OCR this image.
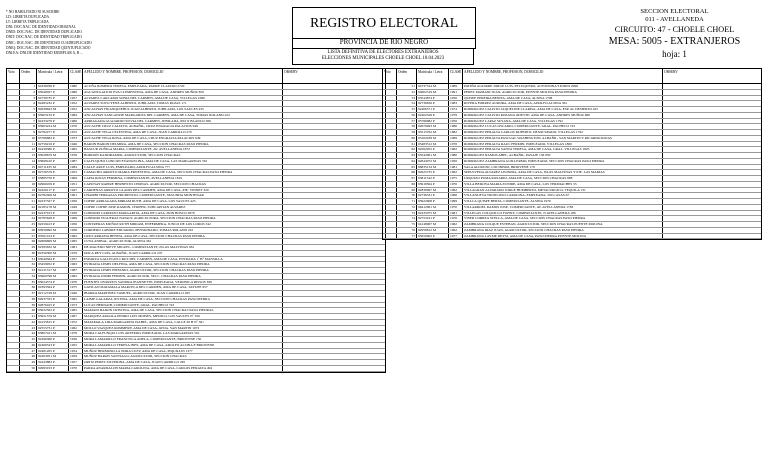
* NO HABILITADO NI SUSCRIBE
LD: LIBRETA DUPLICADA
LT: LIBRETA TRIPLICADA
DNI: DOC.NAC. DE IDENTIDAD ORIGINAL
DNID: DOC.NAC. DE IDENTIDAD DUPLICADO
DNIT: DOC.NAC. DE IDENTIDAD TRIPLICADO
DNIC: DOC.NAC. DE IDENTIDAD CUADRUPLICADO
DNIQ: DOC.NAC. DE IDENTIDAD QUINTUPLICADO
DNI.EA: DNI.DE IDENTIDAD EJEMPLAR A, B ...
REGISTRO ELECTORAL
PROVINCIA DE RIO NEGRO
LISTA DEFINITIVA DE ELECTORES EXTRANJEROS
ELECCIONES MUNICIPALES CHOELE CHOEL 18.04.2023
SECCION ELECTORAL
011 - AVELLANEDA
CIRCUITO: 47 - CHOELE CHOEL
MESA: 5005 - EXTRANJEROS
hoja: 1
Voto	Orden	Matricula / Letra	CLASE APELLIDO Y NOMBRE, PROFESION, DOMICILIO	OBSERV
1 94336036 P	1980	ACUÑA ROMERO TERESA, EMPLEADA, PADRE CLAUDIO 2720
2 95040027 P	1980	AGUANTA ALEJO EVA CLEMENTINA, AMA DE CASA, ANDRES MUÑOZ 850
3 92739735 P	1957	ALVAREZ CARCAMO SONIA DEL CARMEN, AMA DE CASA, VILLEGAS 1080
4 92485232 P	1952	ALVAREZ SOTO YENE ALBERTO, JUBILADO, TOMAS ROJAS 171
5 92638643 M	1952	ANCACHAY HUANQUIEHUL JUAN ALBERTO, JUBILADO, LOS SAUCES 435
6 93903133 P	1984	ANCACHAY SANCANZIE MARGARITA DEL CARMEN, AMA DE CASA, TOMAS ROLAND 222
7 92433279 P	1966	ARRIAGADA GUAJARDO SILVIA DEL CARMEN, JUBILADA, PIO X BLANCO 566
8 93903224 M	1976	AUCACHE CRUZ CALIXTO, ALBAÑIL, CRUZ ENGRACIA PALACIOS 949
9 92782277 P	1972	AUCACHE VEGA CELESTINA, AMA DE CASA, JUAN CARRILLO 270
10 95796683 P	1973	AUCACHE VEGA ROSA, AMA DE CASA, CRUZ ENGRACIA PALACIOS 949
11 92759216 P	1946	BARON BARON DELMIRA, AMA DE CASA, SECCION CHACRAS PASO PIEDRA
12 92439380 P	1965	BASCUR ZUÑIGA MARIA, COMERCIANTE, AV. AVELLANEDA 1872
13 93028679 M	1976	BORDON KANDRAMUR, AGRICULTOR, SECCION CHACRAS
14 93698410 P	1987	CALFUQUEO LONCON EVANGELINA, AMA DE CASA, LAS MARGARITAS 561
15 94711435 M	1984	CALLE ARCE LUIS, EMPLEADO, ADOLFO ALSINA 777
16 92720579 P	1955	CAMACHO ARROYO MARIA ERNESTINA, AMA DE CASA, SECCION CHACRAS PASO PIEDRA
17 95885750 P	1969	CAPIA ROJAS FERMINA, COMERCIANTE, AVELLANEDA 1819
18 92960459 P	1951	CAPUNAY RAPIRE HERNESTO CHONAS, AGRICULTOR, SECCION CHACRAS
19 92429117 P	1947	CARDENAS ARROYO GLADIS DEL CARMEN, AMA DE CASA, PJE. VINNET 329
20 92782406 M	1961	CHAMBI TERRAZAS PRUDENCIO, COMERCIANTE, SEGUNDA MONTENAR
21 92237327 P	1956	COFRE ARRIAGADA MIRIAM RUTH, AMA DE CASA, LOS SAUCES 425
22 92185178 M	1949	COFRE COFRE JOSE RAMON, CHOFER, SUBCAPITAN ALVAREZ
23 92237913 P	1958	CONDORI CARDOZO MARGARITA, AMA DE CASA, DON BOSCO 2876
24 92785628 P	1969	CONDORI VIGUERAS NATALY, AGRICULTORA, SECCION CHACRAS PASO PIEDRA
25 92259413 P	1956	CONTRERAS MUÑOZ RUTH MIRIAM, ENFERMERA, JUNCO DE LOS LOROS 342
26 93950992 M	1958	CORDERO LABORE EDUARDO, PENSIONADO, TOMAS ROLAND 222
27 93501014 P	1962	CRUZ ARRATIA BENITA, AMA DE CASA, SECCION CHACRAS PASO PIEDRA
28 92606699 M	1965	CUYA ANIBAL, AGRICULTOR, ALSINA 361
29 92395632 M	1981	DE MACEDO NIEVE MIGUEL, COMERCIANTE, ISLAS MALVINAS 981
30 92356300 M	1979	DOCA REY LUIS, ALBAÑIL, JUAN CARRILLO 270
31 93049564 P	1957	ESPARZA GALLEGOS CRUZ DEL CARMEN, AMA DE CASA, ENTRADA 1º B° MANSILLA
32 93459952 P	1963	ESTRADA LEMIS DELFINA, AMA DE CASA, SECCION CHACRAS PASO PIEDRA
33 94131317 M	1987	ESTRADA LEMIS EPIFANIO, AGRICULTOR, SECCION CHACRAS PASO PIEDRA
34 93900798 M	1962	ESTRADA UMIRI FERMIN, AGRICULTOR, SECC. CHACRAS PASO PIEDRA
35 93024574 P	1970	FUENTES OYARZUN SANDRA JEANNETTE, EMPLEADA, VERONICA RISSOS 398
36 92393594 P	1975	GAVILAN MATAMALA MARCELA DEL CARMEN, AMA DE CASA, TAYUPE 957
37 92112728 M	1940	IBARRA MARTINEZ SAMUEL, AGRICULTOR, JUAN CARRILLO 265
38 92937355 P	1965	LAIME GALARZA JUSTINA, AMA DE CASA, SECCION CHACRAS PASO PIEDRA
39 92876425 P	1973	LUCAS HERNAIB, COMERCIANTE, GRAL. PACHECO 743
40 93022562 P	1965	MAMANI BARON CRISTINA, AMA DE CASA, SECCION CHACRAS PASO PIEDRAS
41 93921579 M	1967	MARQUEZ ARGOLA PEDRO LUIS MOISES, MEDICO, LOS SAUCES Nº 356
42 94155815 P	1972	MATAMALA LIRA MARGARITA ISABEL, AMA DE CASA, CALLE 20 B Nº 561
43 92555731 P	1962	MOLLO VAZQUEZ ROMMERY, AMA DE CASA, AVDA. SAN MARTIN 1072
44 93807421 M	1978	MORA CALFUNQUI LUIS ARTEMIO, EMPLEADO, LAS MARGARITAS 561
45 92496360 P	1956	MORA LAMARILLO FRANCISCA ADELA, COMERCIANTE, BRIOVENE 150
46 92466523 P	1955	MORA LAMARILLO TERESA INES, AMA DE CASA, ADOLFO ALSINA E BRIOVENE
47 92481205 P	1954	MUÑOZ HERMOSILLA NORA LUZY, AMA DE CASA, PIQUILLIN 1377
48 92403051 M	1959	MUÑOZ BARON SANTIAGO, AGRICULTOR, SECCION CHACRAS
49 92443883 P	1957	ORTIZ PEREZ SILVERINA, AMA DE CASA, JUAN CARRILLO 265
50 92983193 P	1970	PARRA ANARDALON MARIA CAROLINA, AMA DE CASA, CARLOS PERALTA 494
Voto	Orden	Matricula / Letra	CLASE APELLIDO Y NOMBRE, PROFESION, DOMICILIO	OBSERV
51 94737524 M	1989	PATIÑO AGUIRRE JORGE LUIS, PELUQUERO, ALFONSINA STORNI 2098
52 94602519 M	1991	PEREZ MAMANI JUAN, AGRICULTOR, PUENTE MOLINA PASO PIEDRA
53 93544874 P	1956	QUISPE PEREIRA BENITA, AMA DE CASA, ALSINA 1708
54 92736656 P	1983	RIVERA FORREZ AURORA, AMA DE CASA, ADOLFO ALSINA 361
55 92406571 P	1974	RODRIGUEZ CALISTO JAQUELINE CLARISA, AMA DE CASA, ESP. AL DESIERTO 425
56 92402526 P	1979	RODRIGUEZ CALISTO ROSANA ODETTE, AMA DE CASA, ANDRES MUÑOZ 660
57 95796682 P	1956	RODRIGUEZ LAPAZ SUSANA, AMA DE CASA, VILLEGAS 1792
58 92678493 M	1986	RODRIGUEZ LUCAS OSCARIO, COMERCIANTE, GRAL. PACHECO 743
59 95515762 M	1982	RODRIGUEZ PERALTA CARLOS RUPERTO, DESOCUPADO, VILLEGAS 1792
60 93102439 M	1969	RODRIGUEZ PERALTA PASCUAL WASHINGTON, ALBAÑIL, SAN MARTIN Y RICARDO ROJAS
61 95483512 M	1976	RODRIGUEZ PERALTA RAUL FERMIN, EMPLEADO, VILLEGAS 1800
62 94562055 P	1962	RODRIGUEZ PERALTA SANTA TERESA, AMA DE CASA, GRAL. VILLEGAS 1825
63 93542961 M	1980	RODRIGUEZ RAMOS ABEL, ALBAÑIL, PASAJE 136 850
64 92643072 M	1956	RODRIGUEZ ZAMBRANA GUILLERMO, EMPLEADO, SECCION CHACRAS PASO PIEDRA
65 96835134 M	1981	SALA ALDOUNI, COCINERO, BRIOVENE 178
66 92625735 P	1962	SEPULVEDA ALVAREZ LEONIDA, AMA DE CASA, ISLAS MALVINAS Y PJE. LAS MARIAS
67 93811542 P	1975	URQUIZO PUMA ROSARIO, AMA DE CASA, SECCION CHACRAS 808
68 93918564 P	1976	VILLA BEDOYA MARIA ZUNIDE, AMA DE CASA, LOS TERMIACHES 55
69 92839097 M	1962	VILLAGRAN ALVARADO JORGE HUMBERTO, METALURGICO, TEQUILA 131
70 92736331 P	1966	VILLANUEVA TRONCOSO CAROLINA, EMPLEADA, 500 CASAS 67
71 93922608 P	1999	VILLCA QUISPE BERTA, COMERCIANTE, ALSINA 1976
72 96412961 M	1970	VILLARROEL RAMOS JOSE, COMERCIANTE, AV. AVELLANEDA 1783
73 92435075 M	1981	VILLEGAS COLQUILLO FONNY, COMERCIANTE, N AVELLANEDA 186
74 92753161 P	1976	VISER CORREA STELLA, AMA DE CASA, SECCION CHACRAS PASO PIEDRA
75 94148967 M	1962	ZAMBRANA COLQUE ESTEBAN, AGRICULTOR, SECCION CHACRAS PUENTE MOLINA
76 92958812 M	1962	ZAMBRANA DIAZ JUAN, AGRICULTOR, SECCION CHACRAS PASO PIEDRA
77 95650602 P	1977	ZAMBRANA LAYME DEYSI, AMA DE CASA, PASO PIEDRA PUENTE MOLINA
